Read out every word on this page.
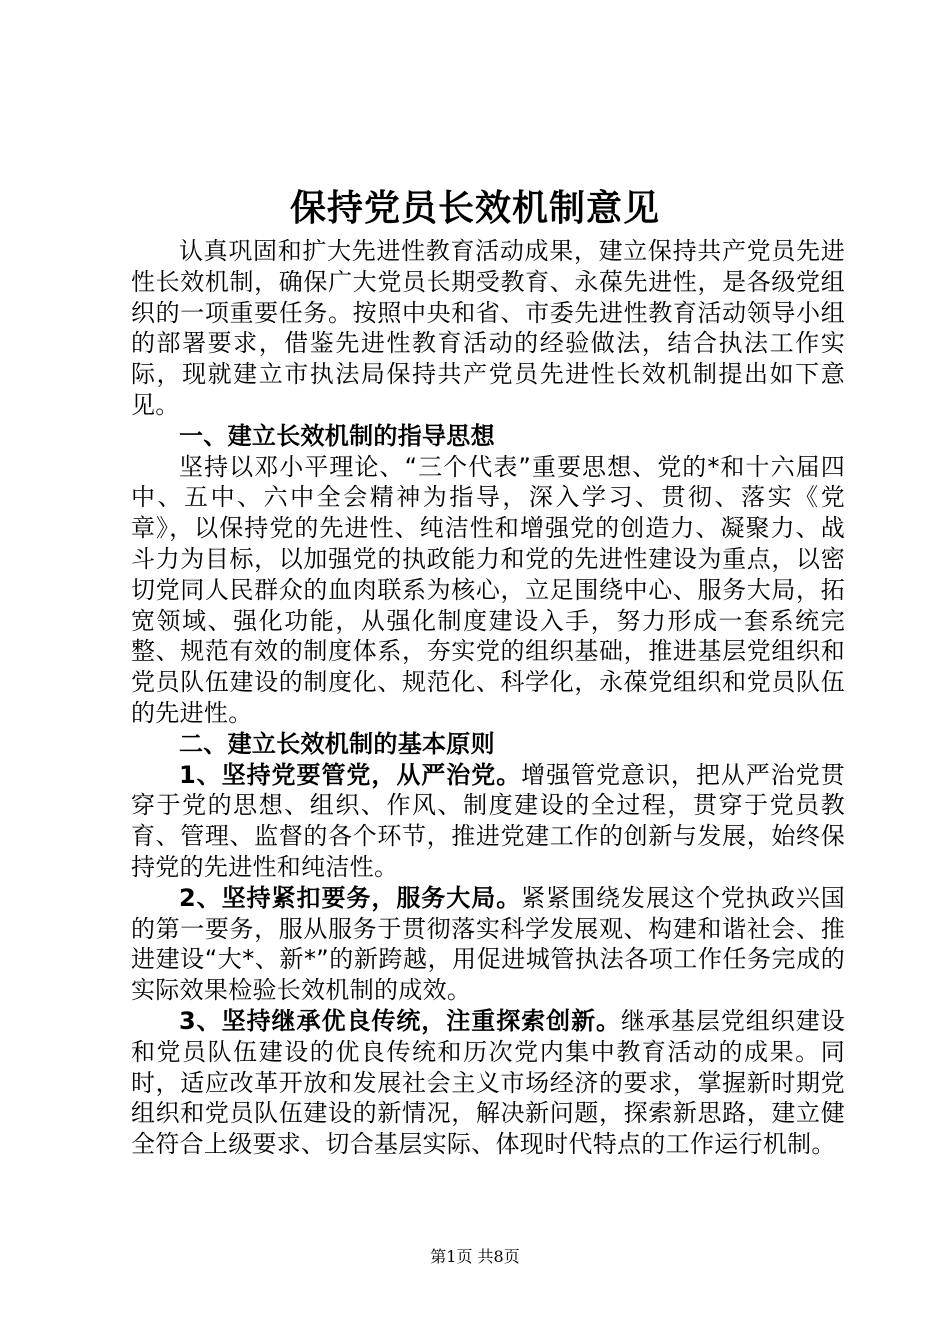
保持党员长效机制意见

认真巩固和扩大先进性教育活动成果，建立保持共产党员先进性长效机制，确保广大党员长期受教育、永葆先进性，是各级党组织的一项重要任务。按照中央和省、市委先进性教育活动领导小组的部署要求，借鉴先进性教育活动的经验做法，结合执法工作实际，现就建立市执法局保持共产党员先进性长效机制提出如下意见。

一、建立长效机制的指导思想

坚持以邓小平理论、“三个代表”重要思想、党的*和十六届四中、五中、六中全会精神为指导，深入学习、贯彻、落实《党章》，以保持党的先进性、纯洁性和增强党的创造力、凝聚力、战斗力为目标，以加强党的执政能力和党的先进性建设为重点，以密切党同人民群众的血肉联系为核心，立足围绕中心、服务大局，拓宽领域、强化功能，从强化制度建设入手，努力形成一套系统完整、规范有效的制度体系，夯实党的组织基础，推进基层党组织和党员队伍建设的制度化、规范化、科学化，永葆党组织和党员队伍的先进性。

二、建立长效机制的基本原则

1、坚持党要管党，从严治党。增强管党意识，把从严治党贯穿于党的思想、组织、作风、制度建设的全过程，贯穿于党员教育、管理、监督的各个环节，推进党建工作的创新与发展，始终保持党的先进性和纯洁性。

2、坚持紧扣要务，服务大局。紧紧围绕发展这个党执政兴国的第一要务，服从服务于贯彻落实科学发展观、构建和谐社会、推进建设“大*、新*”的新跨越，用促进城管执法各项工作任务完成的实际效果检验长效机制的成效。

3、坚持继承优良传统，注重探索创新。继承基层党组织建设和党员队伍建设的优良传统和历次党内集中教育活动的成果。同时，适应改革开放和发展社会主义市场经济的要求，掌握新时期党组织和党员队伍建设的新情况，解决新问题，探索新思路，建立健全符合上级要求、切合基层实际、体现时代特点的工作运行机制。

第1页 共8页
